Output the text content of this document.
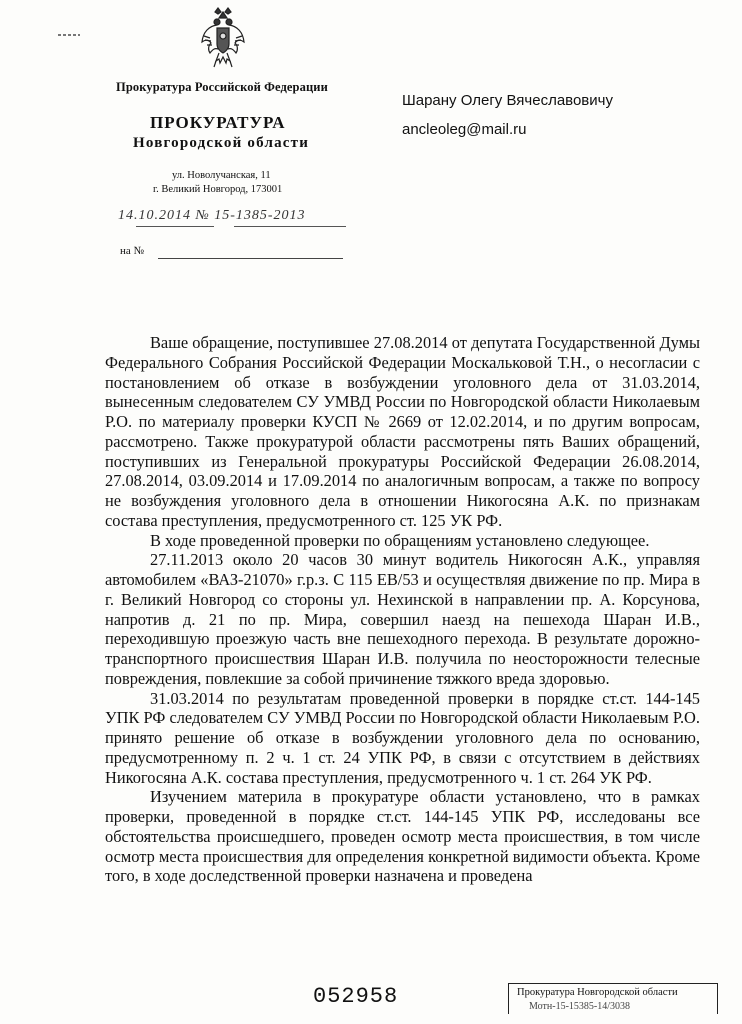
Прокуратура Российской Федерации
ПРОКУРАТУРА
Новгородской области
ул. Новолучанская, 11
г. Великий Новгород, 173001
14.10.2014 № 15-1385-2013
на №
Шарану Олегу Вячеславовичу
ancleoleg@mail.ru

Ваше обращение, поступившее 27.08.2014 от депутата Государственной Думы Федерального Собрания Российской Федерации Москальковой Т.Н., о несогласии с постановлением об отказе в возбуждении уголовного дела от 31.03.2014, вынесенным следователем СУ УМВД России по Новгородской области Николаевым Р.О. по материалу проверки КУСП № 2669 от 12.02.2014, и по другим вопросам, рассмотрено. Также прокуратурой области рассмотрены пять Ваших обращений, поступивших из Генеральной прокуратуры Российской Федерации 26.08.2014, 27.08.2014, 03.09.2014 и 17.09.2014 по аналогичным вопросам, а также по вопросу не возбуждения уголовного дела в отношении Никогосяна А.К. по признакам состава преступления, предусмотренного ст. 125 УК РФ.

В ходе проведенной проверки по обращениям установлено следующее.

27.11.2013 около 20 часов 30 минут водитель Никогосян А.К., управляя автомобилем «ВАЗ-21070» г.р.з. С 115 ЕВ/53 и осуществляя движение по пр. Мира в г. Великий Новгород со стороны ул. Нехинской в направлении пр. А. Корсунова, напротив д. 21 по пр. Мира, совершил наезд на пешехода Шаран И.В., переходившую проезжую часть вне пешеходного перехода. В результате дорожно-транспортного происшествия Шаран И.В. получила по неосторожности телесные повреждения, повлекшие за собой причинение тяжкого вреда здоровью.

31.03.2014 по результатам проведенной проверки в порядке ст.ст. 144-145 УПК РФ следователем СУ УМВД России по Новгородской области Николаевым Р.О. принято решение об отказе в возбуждении уголовного дела по основанию, предусмотренному п. 2 ч. 1 ст. 24 УПК РФ, в связи с отсутствием в действиях Никогосяна А.К. состава преступления, предусмотренного ч. 1 ст. 264 УК РФ.

Изучением материла в прокуратуре области установлено, что в рамках проверки, проведенной в порядке ст.ст. 144-145 УПК РФ, исследованы все обстоятельства происшедшего, проведен осмотр места происшествия, в том числе осмотр места происшествия для определения конкретной видимости объекта. Кроме того, в ходе доследственной проверки назначена и проведена

052958	Прокуратура Новгородской области
Мотн-15-15385-14/3038
